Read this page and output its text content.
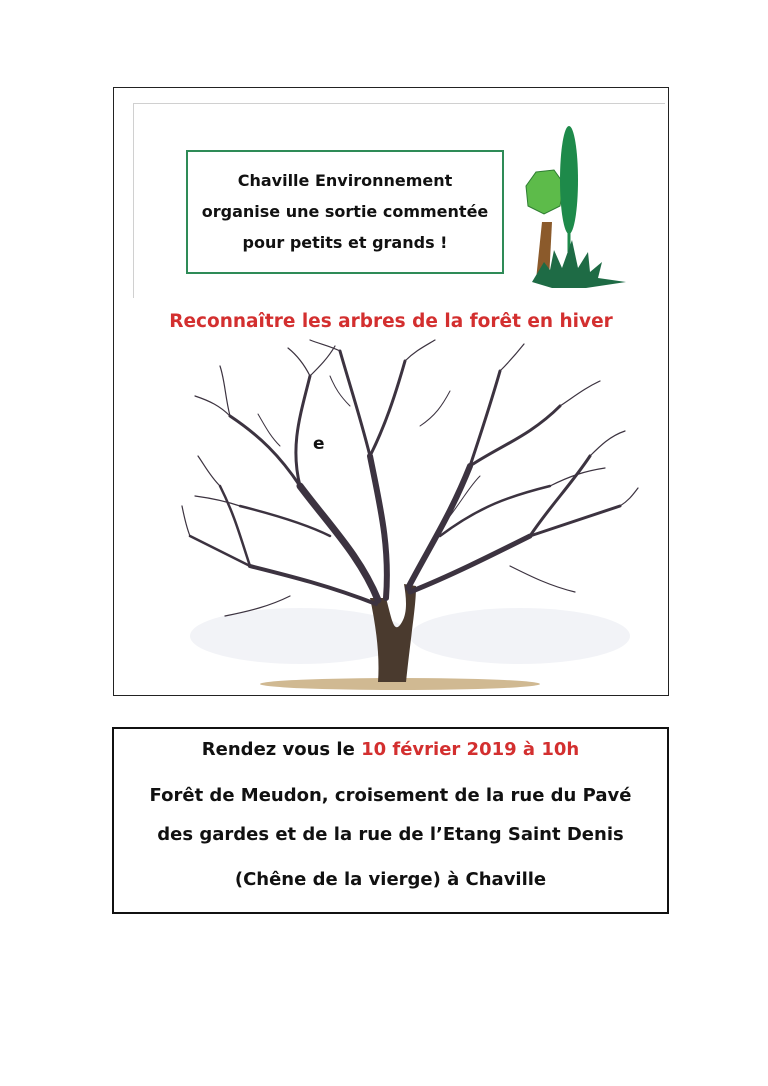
Chaville Environnement
organise une sortie commentée
pour petits et grands !
Reconnaître les arbres de la forêt en hiver
e
Rendez vous le 10 février 2019 à 10h
Forêt de Meudon, croisement de la rue du Pavé
des gardes et de la rue de l’Etang Saint Denis
(Chêne de la vierge) à Chaville
